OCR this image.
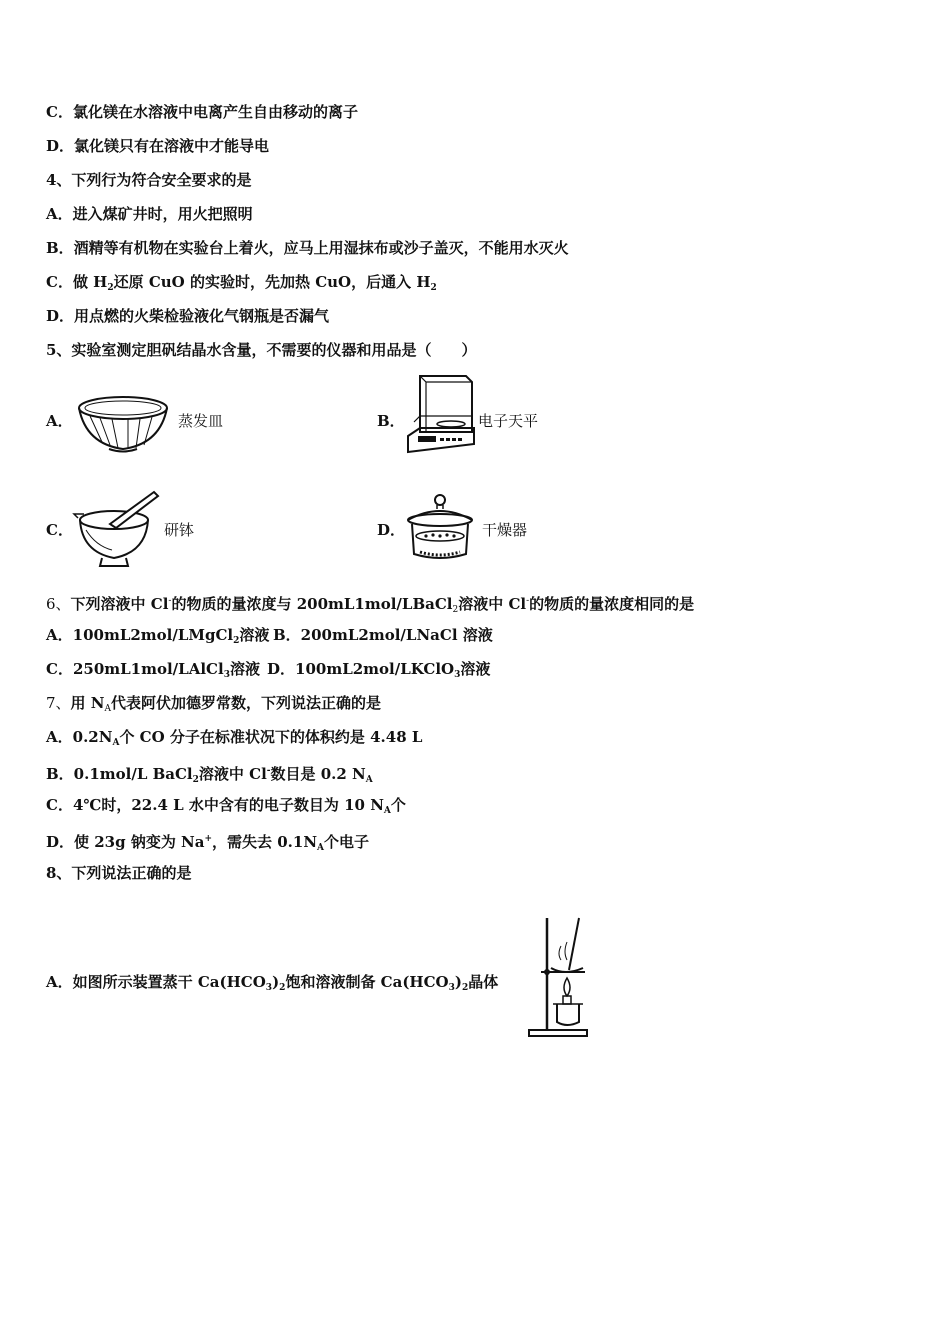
C．氯化镁在水溶液中电离产生自由移动的离子
D．氯化镁只有在溶液中才能导电
4、下列行为符合安全要求的是
A．进入煤矿井时，用火把照明
B．酒精等有机物在实验台上着火，应马上用湿抹布或沙子盖灭，不能用水灭火
C．做 $H_2$还原 CuO 的实验时，先加热 CuO，后通入 $H_2$
D．用点燃的火柴检验液化气钢瓶是否漏气
5、实验室测定胆矾结晶水含量，不需要的仪器和用品是（　　）
A．	蒸发皿	B．	电子天平
C．	研钵	D．	干燥器
6、下列溶液中 Cl-的物质的量浓度与 200mL1mol/LBaCl$_2$溶液中 Cl-的物质的量浓度相同的是
A．100mL2mol/LMgCl$_2$溶液 B．200mL2mol/LNaCl 溶液
C．250mL1mol/LAlCl$_3$溶液 D．100mL2mol/LKClO$_3$溶液
7、用 $N_A$代表阿伏加德罗常数，下列说法正确的是
A．$0.2N_A$个 CO 分子在标准状况下的体积约是 4.48 L
B．0.1mol/L BaCl$_2$溶液中 Cl-数目是 0.2 $N_A$
C．4℃时，22.4 L 水中含有的电子数目为 10 $N_A$个
D．使 23g 钠变为 Na+，需失去 $0.1N_A$个电子
8、下列说法正确的是
A．如图所示装置蒸干 $Ca(HCO_3)_2$饱和溶液制备 $Ca(HCO_3)_2$晶体
